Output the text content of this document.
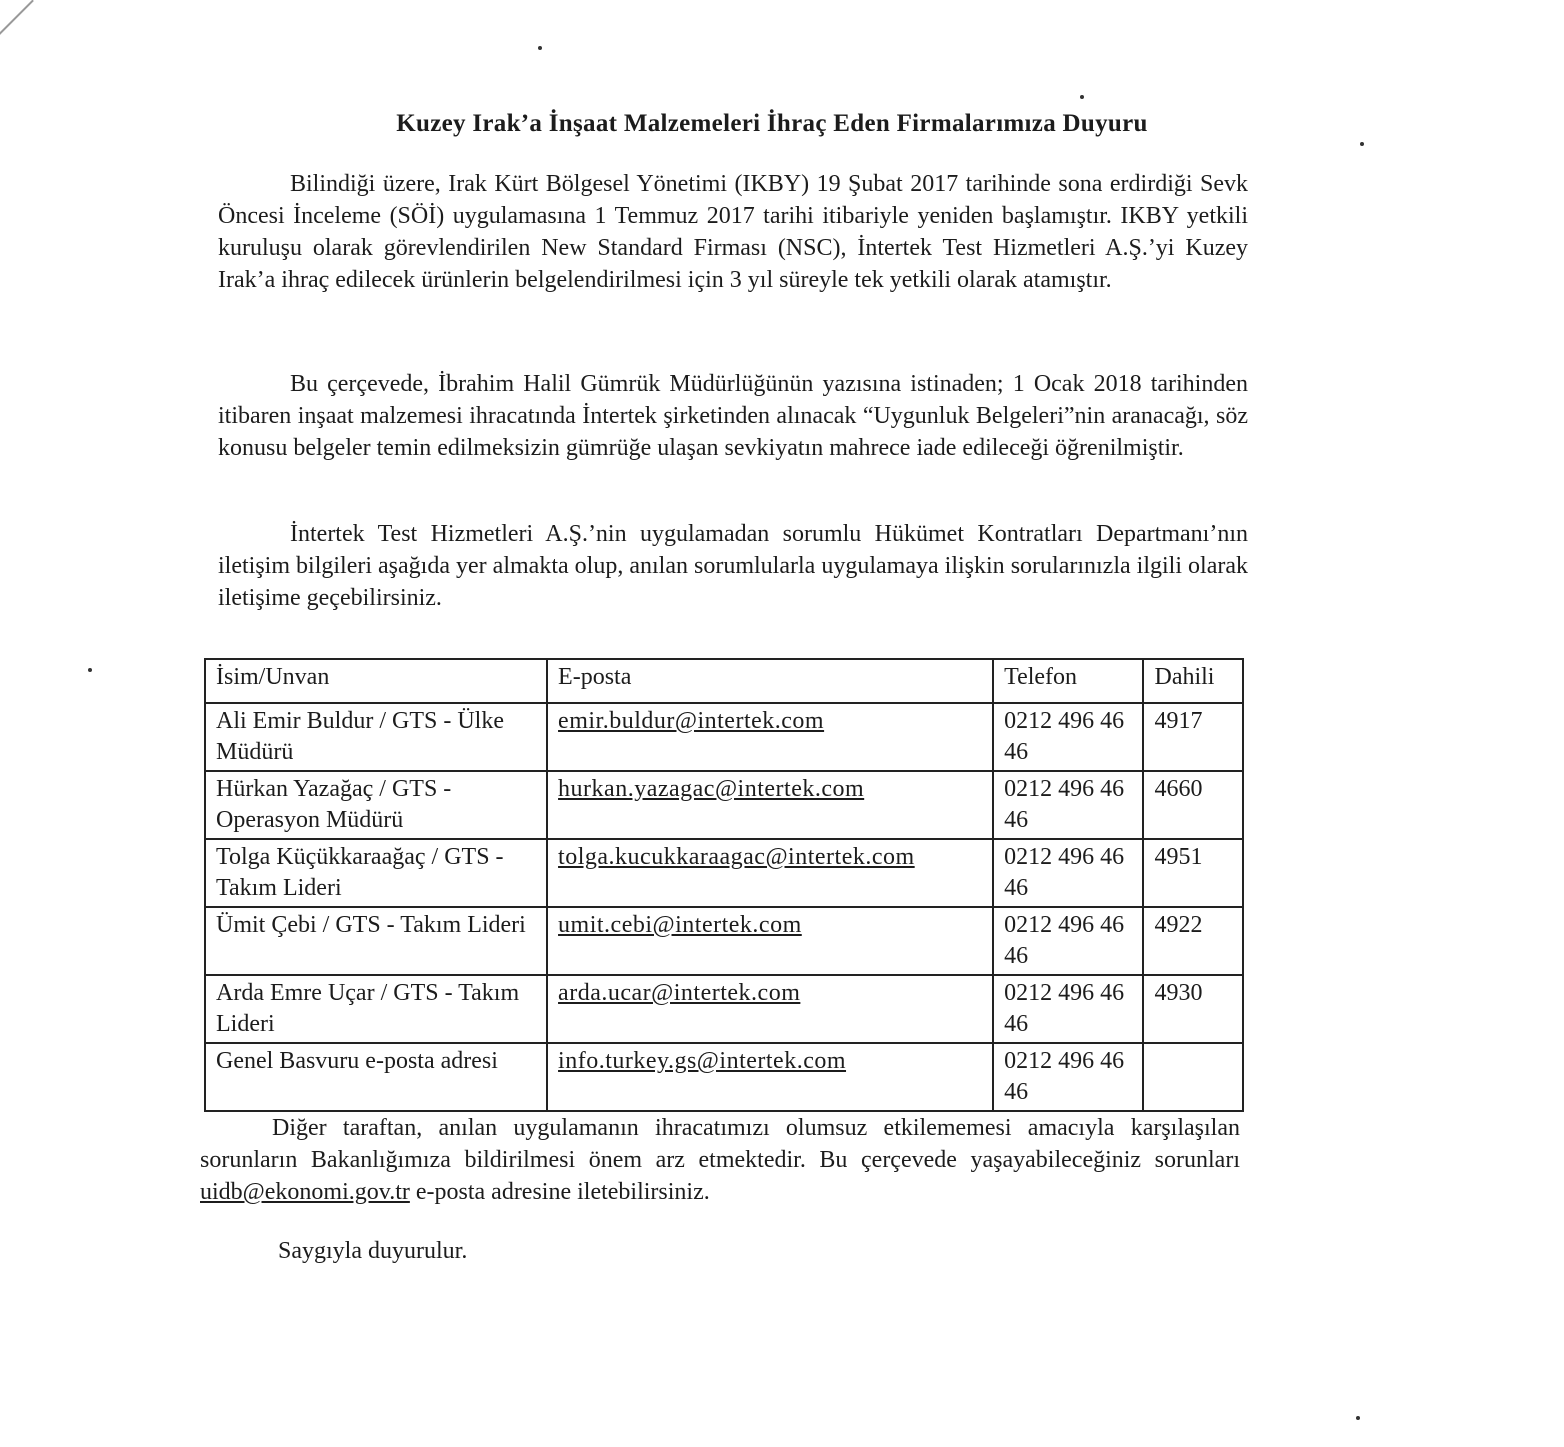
Kuzey Irak’a İnşaat Malzemeleri İhraç Eden Firmalarımıza Duyuru

Bilindiği üzere, Irak Kürt Bölgesel Yönetimi (IKBY) 19 Şubat 2017 tarihinde sona erdirdiği Sevk Öncesi İnceleme (SÖİ) uygulamasına 1 Temmuz 2017 tarihi itibariyle yeniden başlamıştır. IKBY yetkili kuruluşu olarak görevlendirilen New Standard Firması (NSC), İntertek Test Hizmetleri A.Ş.’yi Kuzey Irak’a ihraç edilecek ürünlerin belgelendirilmesi için 3 yıl süreyle tek yetkili olarak atamıştır.

Bu çerçevede, İbrahim Halil Gümrük Müdürlüğünün yazısına istinaden; 1 Ocak 2018 tarihinden itibaren inşaat malzemesi ihracatında İntertek şirketinden alınacak “Uygunluk Belgeleri”nin aranacağı, söz konusu belgeler temin edilmeksizin gümrüğe ulaşan sevkiyatın mahrece iade edileceği öğrenilmiştir.

İntertek Test Hizmetleri A.Ş.’nin uygulamadan sorumlu Hükümet Kontratları Departmanı’nın iletişim bilgileri aşağıda yer almakta olup, anılan sorumlularla uygulamaya ilişkin sorularınızla ilgili olarak iletişime geçebilirsiniz.

İsim/Unvan	E-posta	Telefon	Dahili
Ali Emir Buldur / GTS - Ülke Müdürü	emir.buldur@intertek.com	0212 496 46 46	4917
Hürkan Yazağaç / GTS - Operasyon Müdürü	hurkan.yazagac@intertek.com	0212 496 46 46	4660
Tolga Küçükkaraağaç / GTS - Takım Lideri	tolga.kucukkaraagac@intertek.com	0212 496 46 46	4951
Ümit Çebi / GTS - Takım Lideri	umit.cebi@intertek.com	0212 496 46 46	4922
Arda Emre Uçar / GTS - Takım Lideri	arda.ucar@intertek.com	0212 496 46 46	4930
Genel Basvuru e-posta adresi	info.turkey.gs@intertek.com	0212 496 46 46	

Diğer taraftan, anılan uygulamanın ihracatımızı olumsuz etkilememesi amacıyla karşılaşılan sorunların Bakanlığımıza bildirilmesi önem arz etmektedir. Bu çerçevede yaşayabileceğiniz sorunları uidb@ekonomi.gov.tr e-posta adresine iletebilirsiniz.

Saygıyla duyurulur.
